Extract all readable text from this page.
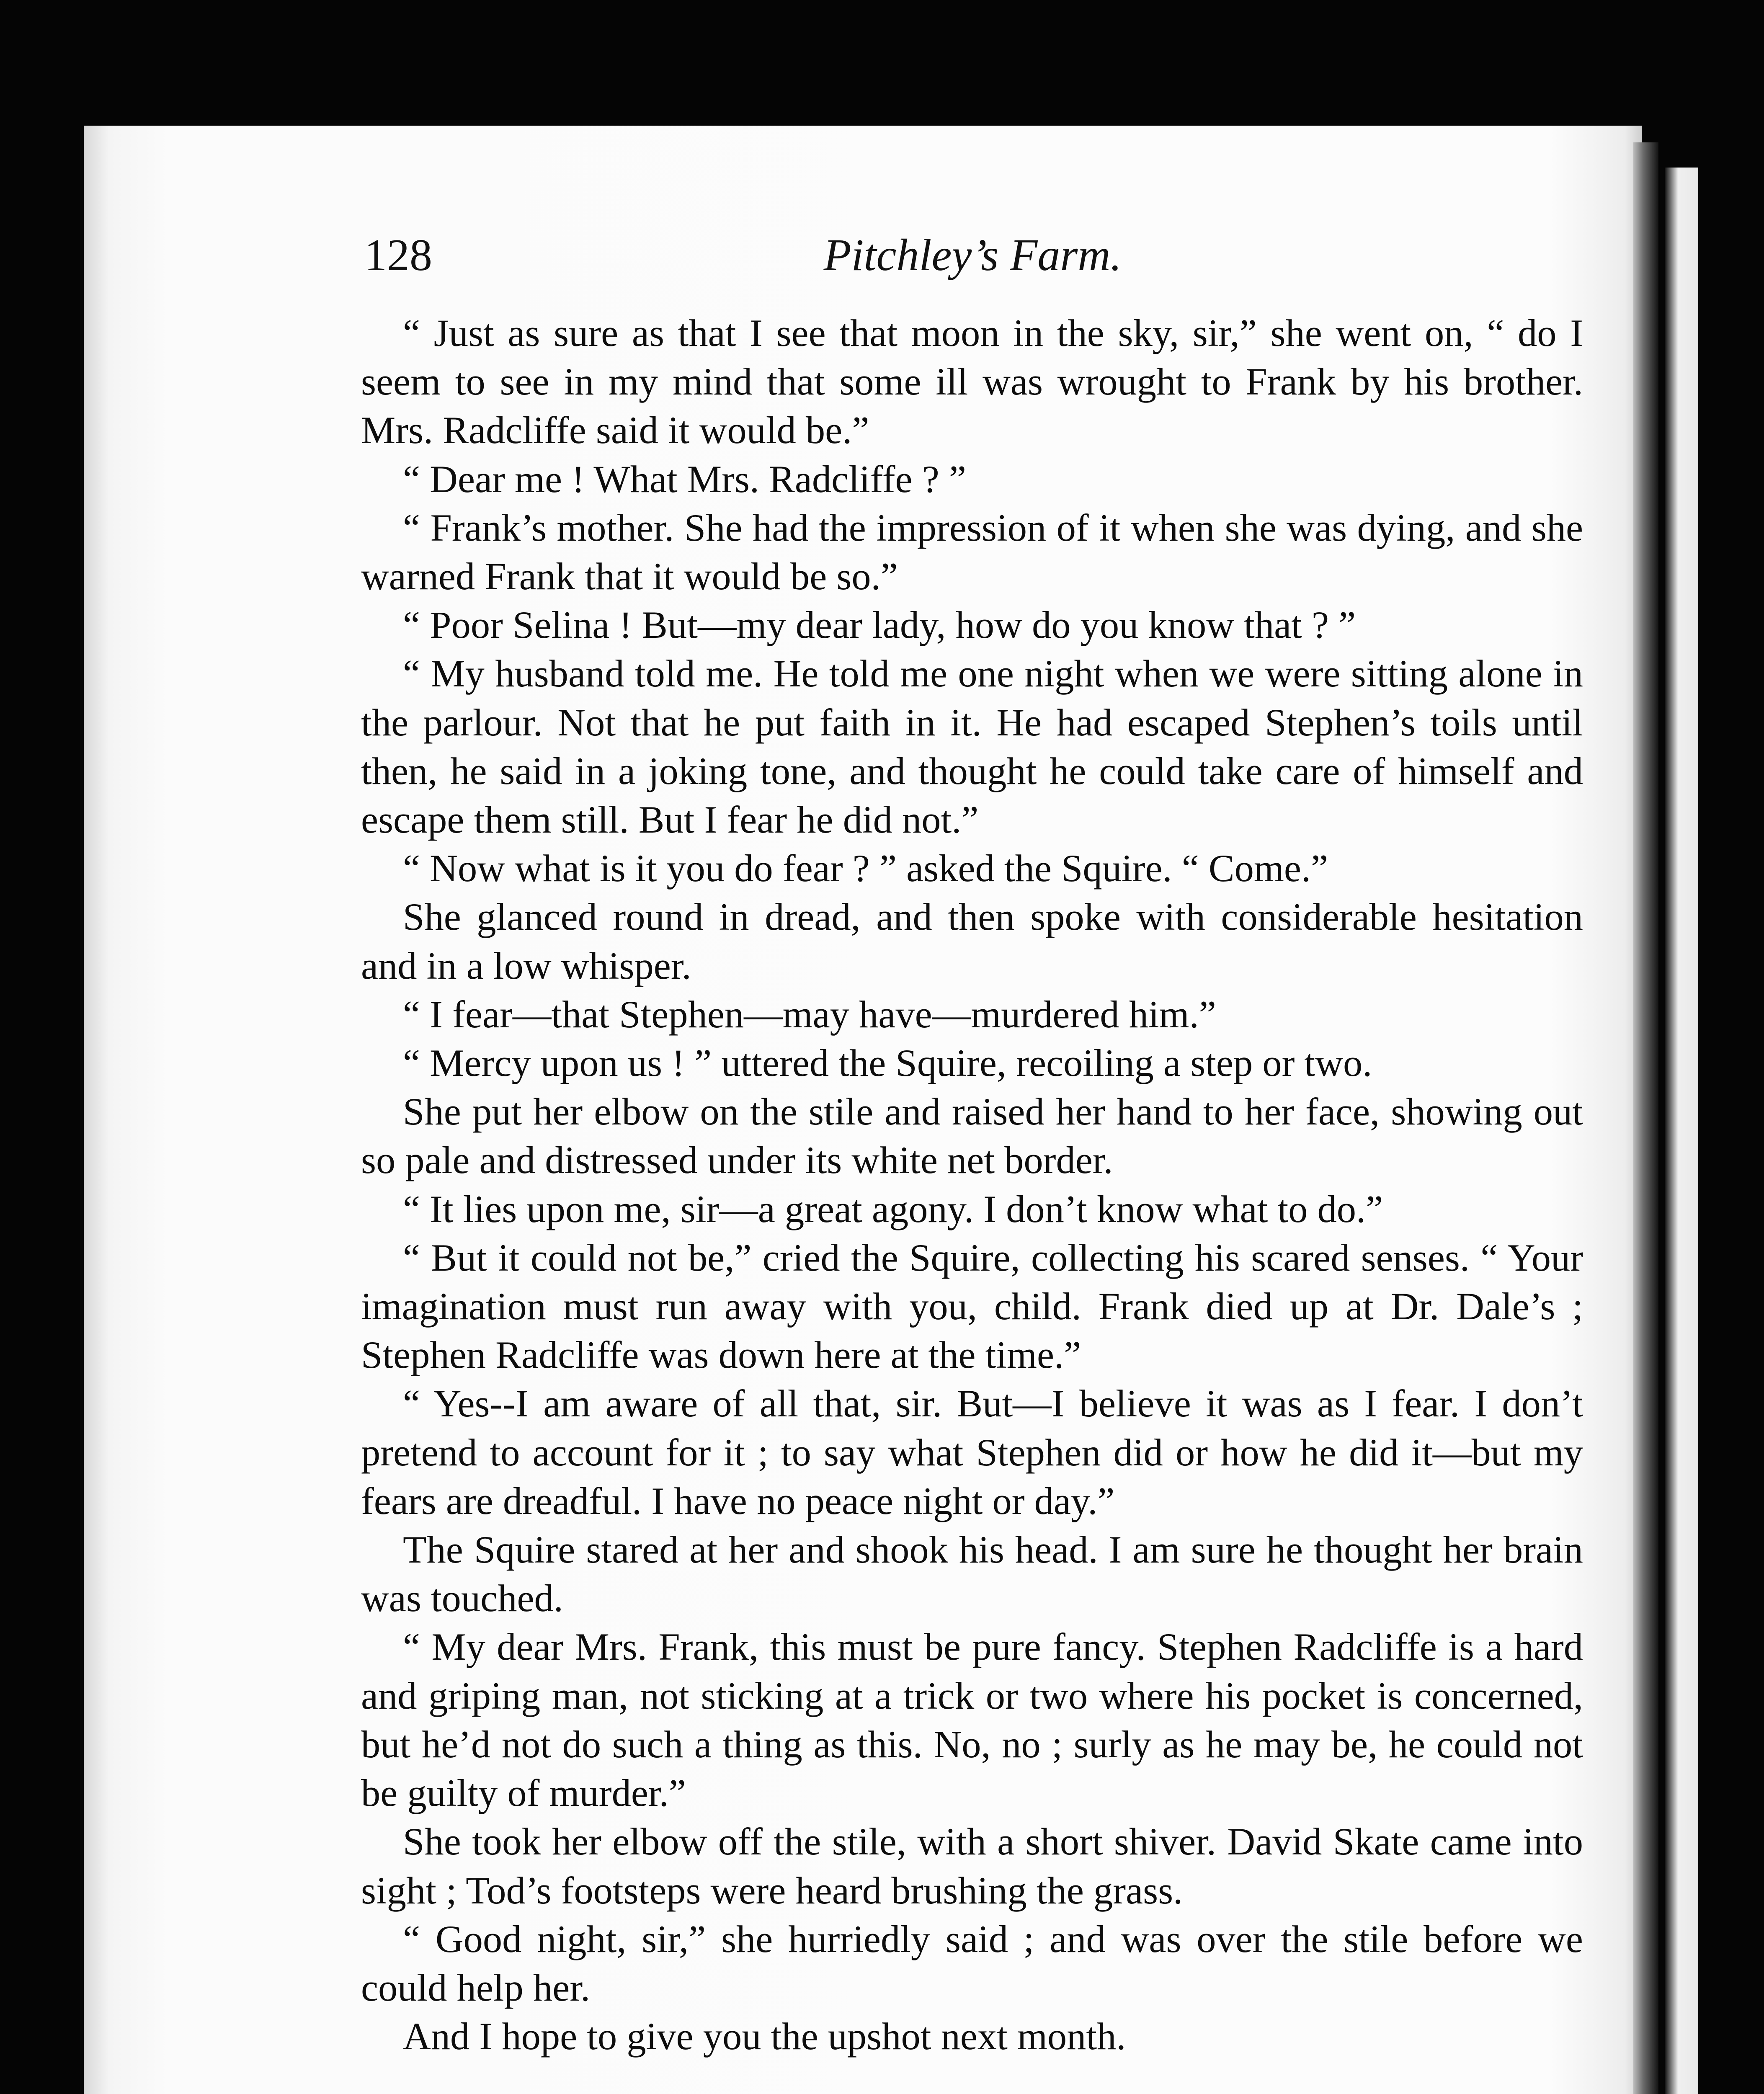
128	Pitchley’s Farm.

“ Just as sure as that I see that moon in the sky, sir,” she went on, “ do I seem to see in my mind that some ill was wrought to Frank by his brother. Mrs. Radcliffe said it would be.”

“ Dear me ! What Mrs. Radcliffe ? ”

“ Frank’s mother. She had the impression of it when she was dying, and she warned Frank that it would be so.”

“ Poor Selina ! But—my dear lady, how do you know that ? ”

“ My husband told me. He told me one night when we were sitting alone in the parlour. Not that he put faith in it. He had escaped Stephen’s toils until then, he said in a joking tone, and thought he could take care of himself and escape them still. But I fear he did not.”

“ Now what is it you do fear ? ” asked the Squire. “ Come.”

She glanced round in dread, and then spoke with considerable hesitation and in a low whisper.

“ I fear—that Stephen—may have—murdered him.”

“ Mercy upon us ! ” uttered the Squire, recoiling a step or two.

She put her elbow on the stile and raised her hand to her face, showing out so pale and distressed under its white net border.

“ It lies upon me, sir—a great agony. I don’t know what to do.”

“ But it could not be,” cried the Squire, collecting his scared senses. “ Your imagination must run away with you, child. Frank died up at Dr. Dale’s ; Stephen Radcliffe was down here at the time.”

“ Yes--I am aware of all that, sir. But—I believe it was as I fear. I don’t pretend to account for it ; to say what Stephen did or how he did it—but my fears are dreadful. I have no peace night or day.”

The Squire stared at her and shook his head. I am sure he thought her brain was touched.

“ My dear Mrs. Frank, this must be pure fancy. Stephen Radcliffe is a hard and griping man, not sticking at a trick or two where his pocket is concerned, but he’d not do such a thing as this. No, no ; surly as he may be, he could not be guilty of murder.”

She took her elbow off the stile, with a short shiver. David Skate came into sight ; Tod’s footsteps were heard brushing the grass.

“ Good night, sir,” she hurriedly said ; and was over the stile before we could help her.

And I hope to give you the upshot next month.
